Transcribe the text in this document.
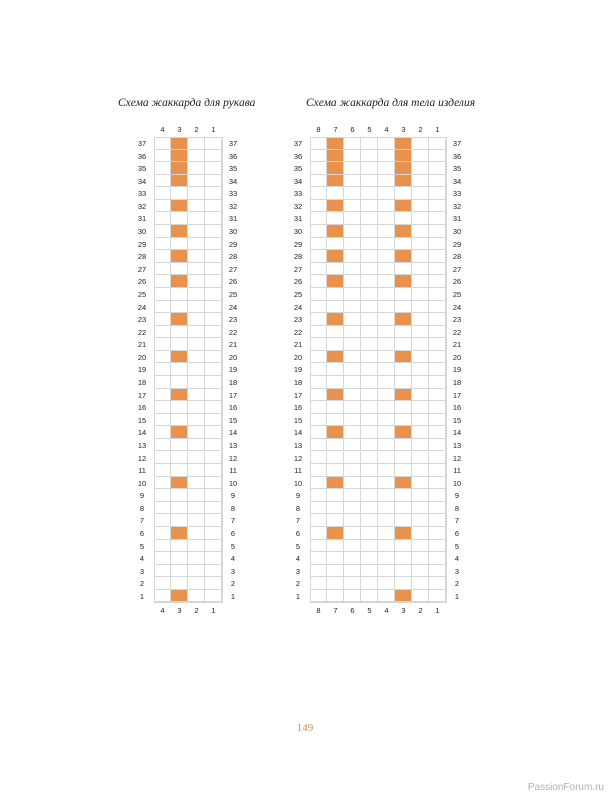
Схема жаккарда для рукава	Схема жаккарда для тела изделия
149
PassionForum.ru
4
4
3
3
2
2
1
1
37	37
36	36
35	35
34	34
33	33
32	32
31	31
30	30
29	29
28	28
27	27
26	26
25	25
24	24
23	23
22	22
21	21
20	20
19	19
18	18
17	17
16	16
15	15
14	14
13	13
12	12
11	11
10	10
9	9
8	8
7	7
6	6
5	5
4	4
3	3
2	2
1	1
8
8
7
7
6
6
5
5
4
4
3
3
2
2
1
1
37	37
36	36
35	35
34	34
33	33
32	32
31	31
30	30
29	29
28	28
27	27
26	26
25	25
24	24
23	23
22	22
21	21
20	20
19	19
18	18
17	17
16	16
15	15
14	14
13	13
12	12
11	11
10	10
9	9
8	8
7	7
6	6
5	5
4	4
3	3
2	2
1	1
